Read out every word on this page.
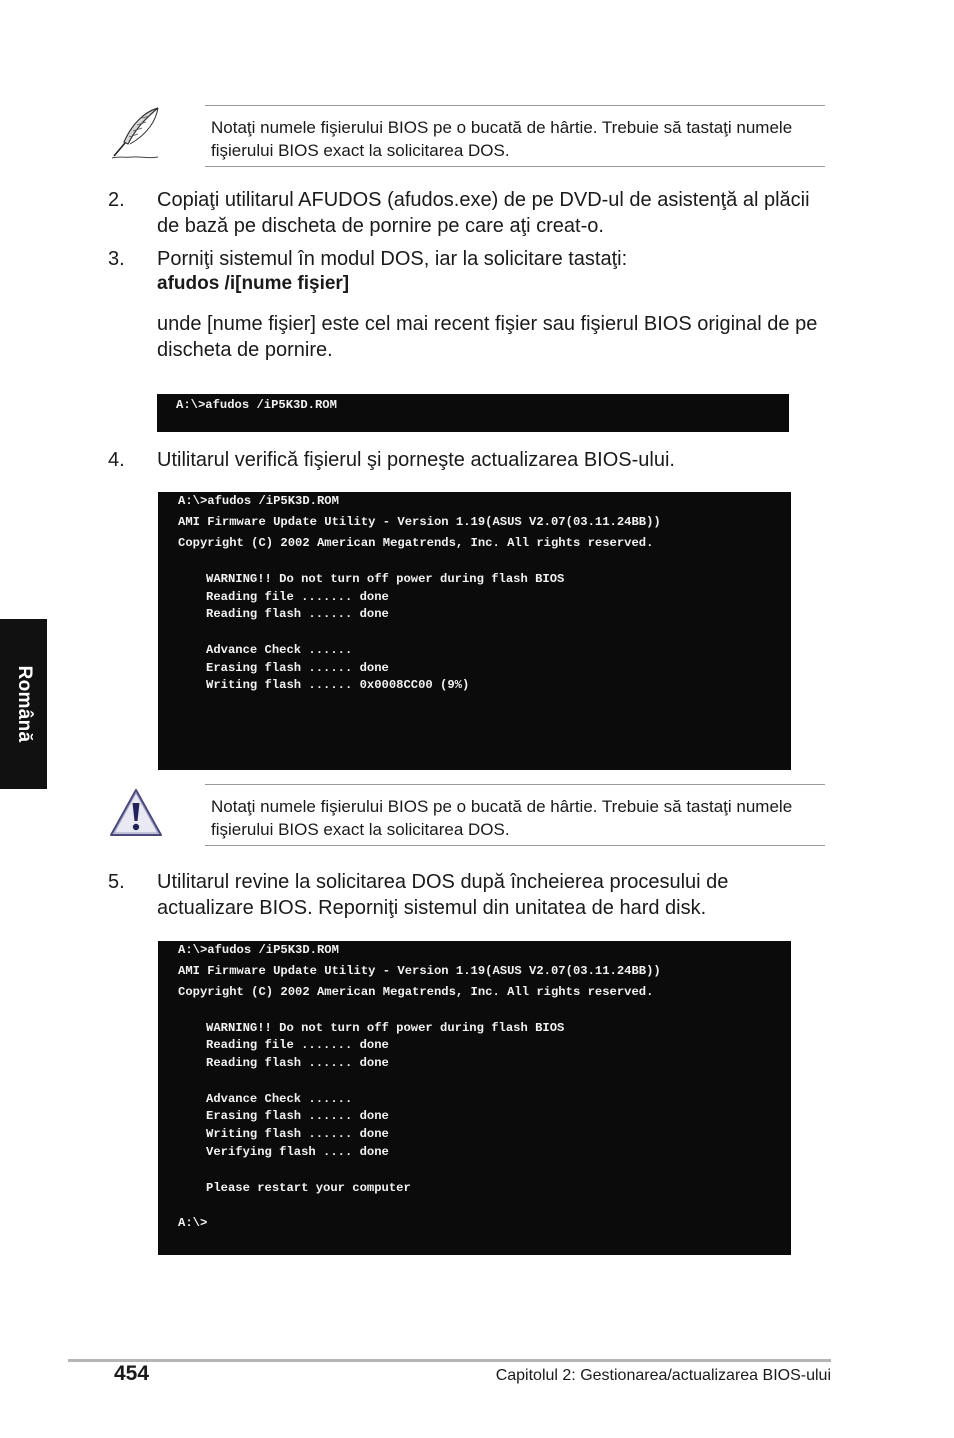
Română

Notaţi numele fişierului BIOS pe o bucată de hârtie. Trebuie să tastaţi numele fişierului BIOS exact la solicitarea DOS.

2. Copiaţi utilitarul AFUDOS (afudos.exe) de pe DVD-ul de asistenţă al plăcii de bază pe discheta de pornire pe care aţi creat-o.
3. Porniţi sistemul în modul DOS, iar la solicitare tastaţi:
afudos /i[nume fişier]

unde [nume fişier] este cel mai recent fişier sau fişierul BIOS original de pe discheta de pornire.

A:\>afudos /iP5K3D.ROM
4. Utilitarul verifică fişierul şi porneşte actualizarea BIOS-ului.
A:\>afudos /iP5K3D.ROM
AMI Firmware Update Utility - Version 1.19(ASUS V2.07(03.11.24BB))
Copyright (C) 2002 American Megatrends, Inc. All rights reserved.
WARNING!! Do not turn off power during flash BIOS
Reading file ....... done
Reading flash ...... done
Advance Check ......
Erasing flash ...... done
Writing flash ...... 0x0008CC00 (9%)

Notaţi numele fişierului BIOS pe o bucată de hârtie. Trebuie să tastaţi numele fişierului BIOS exact la solicitarea DOS.

5. Utilitarul revine la solicitarea DOS după încheierea procesului de actualizare BIOS. Reporniţi sistemul din unitatea de hard disk.
A:\>afudos /iP5K3D.ROM
AMI Firmware Update Utility - Version 1.19(ASUS V2.07(03.11.24BB))
Copyright (C) 2002 American Megatrends, Inc. All rights reserved.
WARNING!! Do not turn off power during flash BIOS
Reading file ....... done
Reading flash ...... done
Advance Check ......
Erasing flash ...... done
Writing flash ...... done
Verifying flash .... done
Please restart your computer
A:\>
454	Capitolul 2: Gestionarea/actualizarea BIOS-ului
